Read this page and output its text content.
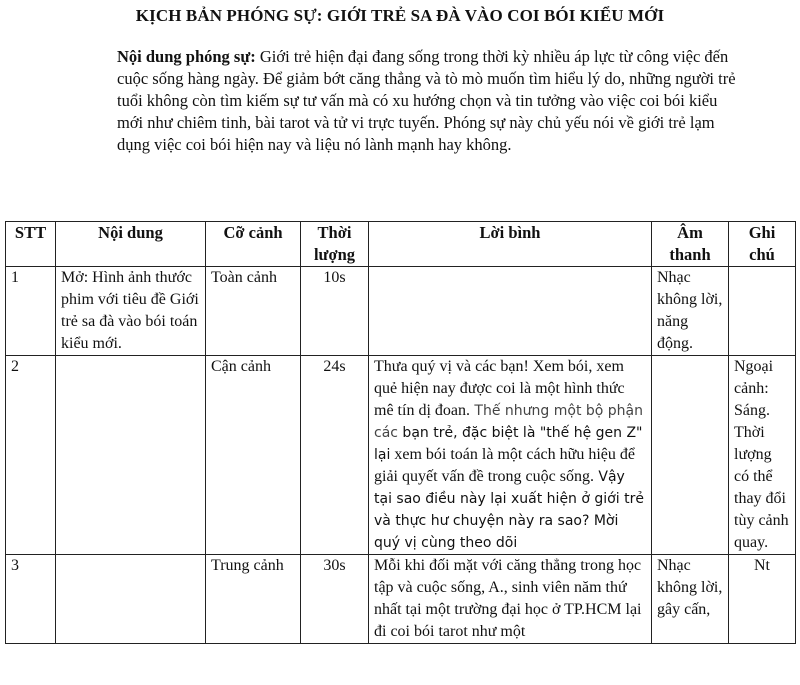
KỊCH BẢN PHÓNG SỰ: GIỚI TRẺ SA ĐÀ VÀO COI BÓI KIỂU MỚI
Nội dung phóng sự: Giới trẻ hiện đại đang sống trong thời kỳ nhiều áp lực từ công việc đến cuộc sống hàng ngày. Để giảm bớt căng thẳng và tò mò muốn tìm hiểu lý do, những người trẻ tuổi không còn tìm kiếm sự tư vấn mà có xu hướng chọn và tin tưởng vào việc coi bói kiểu mới như chiêm tinh, bài tarot và tử vi trực tuyến. Phóng sự này chủ yếu nói về giới trẻ lạm dụng việc coi bói hiện nay và liệu nó lành mạnh hay không.
STT	Nội dung	Cỡ cảnh	Thời lượng	Lời bình	Âm thanh	Ghi chú
1	Mở: Hình ảnh thước phim với tiêu đề Giới trẻ sa đà vào bói toán kiểu mới.	Toàn cảnh	10s		Nhạc không lời, năng động.	
2		Cận cảnh	24s	Thưa quý vị và các bạn! Xem bói, xem quẻ hiện nay được coi là một hình thức mê tín dị đoan. Thế nhưng một bộ phận các bạn trẻ, đặc biệt là "thế hệ gen Z" lại xem bói toán là một cách hữu hiệu để giải quyết vấn đề trong cuộc sống. Vậy tại sao điều này lại xuất hiện ở giới trẻ và thực hư chuyện này ra sao? Mời quý vị cùng theo dõi		Ngoại cảnh: Sáng. Thời lượng có thể thay đổi tùy cảnh quay.
3		Trung cảnh	30s	Mỗi khi đối mặt với căng thẳng trong học tập và cuộc sống, A., sinh viên năm thứ nhất tại một trường đại học ở TP.HCM lại đi coi bói tarot như một	Nhạc không lời, gây cấn,	Nt
